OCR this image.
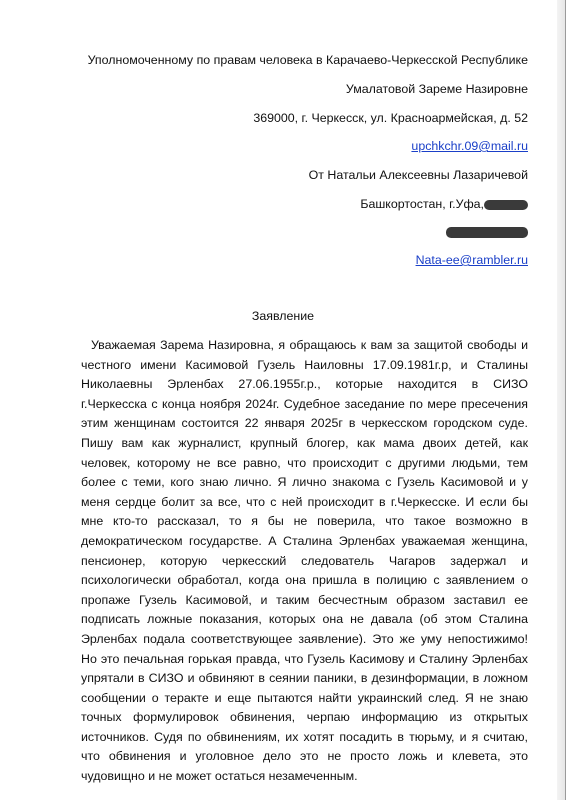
Уполномоченному по правам человека в Карачаево-Черкесской Республике
Умалатовой Зареме Назировне
369000, г. Черкесск, ул. Красноармейская, д. 52
upchkchr.09@mail.ru
От Натальи Алексеевны Лазаричевой
Башкортостан, г.Уфа,
Nata-ee@rambler.ru
Заявление

Уважаемая Зарема Назировна, я обращаюсь к вам за защитой свободы и честного имени Касимовой Гузель Наиловны 17.09.1981г.р, и Сталины Николаевны Эрленбах 27.06.1955г.р., которые находится в СИЗО г.Черкесска с конца ноября 2024г. Судебное заседание по мере пресечения этим женщинам состоится 22 января 2025г в черкесском городском суде. Пишу вам как журналист, крупный блогер, как мама двоих детей, как человек, которому не все равно, что происходит с другими людьми, тем более с теми, кого знаю лично. Я лично знакома с Гузель Касимовой и у меня сердце болит за все, что с ней происходит в г.Черкесске. И если бы мне кто-то рассказал, то я бы не поверила, что такое возможно в демократическом государстве. А Сталина Эрленбах уважаемая женщина, пенсионер, которую черкесский следователь Чагаров задержал и психологически обработал, когда она пришла в полицию с заявлением о пропаже Гузель Касимовой, и таким бесчестным образом заставил ее подписать ложные показания, которых она не давала (об этом Сталина Эрленбах подала соответствующее заявление). Это же уму непостижимо! Но это печальная горькая правда, что Гузель Касимову и Сталину Эрленбах упрятали в СИЗО и обвиняют в сеянии паники, в дезинформации, в ложном сообщении о теракте и еще пытаются найти украинский след. Я не знаю точных формулировок обвинения, черпаю информацию из открытых источников. Судя по обвинениям, их хотят посадить в тюрьму, и я считаю, что обвинения и уголовное дело это не просто ложь и клевета, это чудовищно и не может остаться незамеченным.
